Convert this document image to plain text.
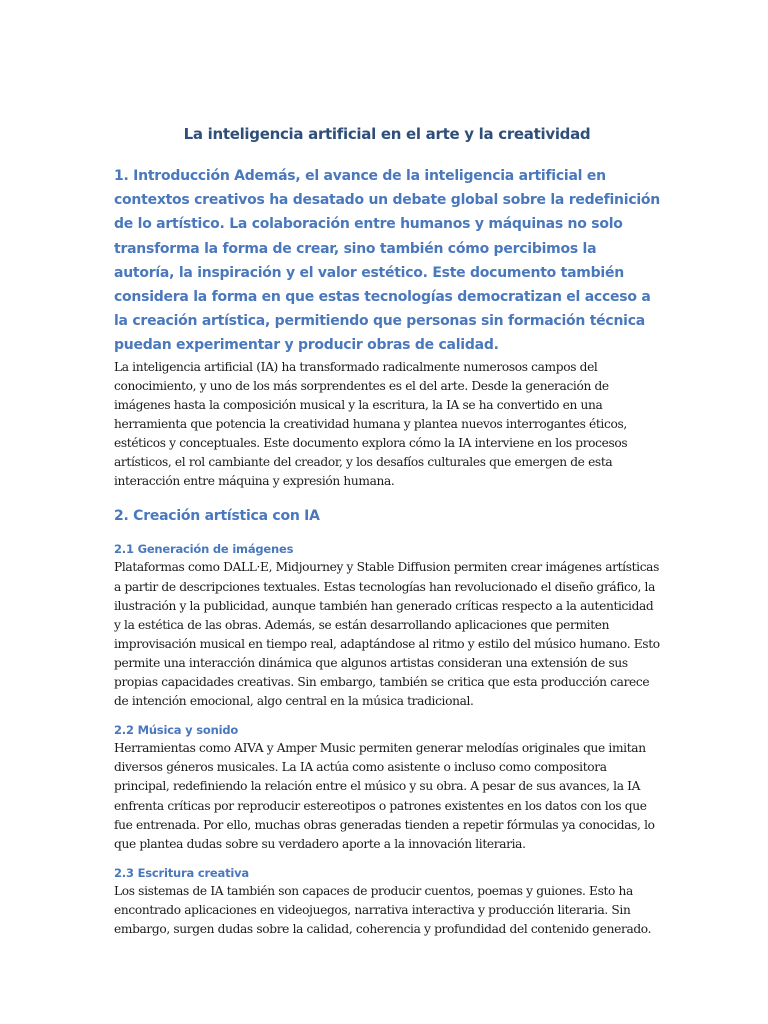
La inteligencia artificial en el arte y la creatividad
1. Introducción Además, el avance de la inteligencia artificial en contextos creativos ha desatado un debate global sobre la redefinición de lo artístico. La colaboración entre humanos y máquinas no solo transforma la forma de crear, sino también cómo percibimos la autoría, la inspiración y el valor estético. Este documento también considera la forma en que estas tecnologías democratizan el acceso a la creación artística, permitiendo que personas sin formación técnica puedan experimentar y producir obras de calidad.

La inteligencia artificial (IA) ha transformado radicalmente numerosos campos del conocimiento, y uno de los más sorprendentes es el del arte. Desde la generación de imágenes hasta la composición musical y la escritura, la IA se ha convertido en una herramienta que potencia la creatividad humana y plantea nuevos interrogantes éticos, estéticos y conceptuales. Este documento explora cómo la IA interviene en los procesos artísticos, el rol cambiante del creador, y los desafíos culturales que emergen de esta interacción entre máquina y expresión humana.

2. Creación artística con IA
2.1 Generación de imágenes

Plataformas como DALL·E, Midjourney y Stable Diffusion permiten crear imágenes artísticas a partir de descripciones textuales. Estas tecnologías han revolucionado el diseño gráfico, la ilustración y la publicidad, aunque también han generado críticas respecto a la autenticidad y la estética de las obras. Además, se están desarrollando aplicaciones que permiten improvisación musical en tiempo real, adaptándose al ritmo y estilo del músico humano. Esto permite una interacción dinámica que algunos artistas consideran una extensión de sus propias capacidades creativas. Sin embargo, también se critica que esta producción carece de intención emocional, algo central en la música tradicional.

2.2 Música y sonido

Herramientas como AIVA y Amper Music permiten generar melodías originales que imitan diversos géneros musicales. La IA actúa como asistente o incluso como compositora principal, redefiniendo la relación entre el músico y su obra. A pesar de sus avances, la IA enfrenta críticas por reproducir estereotipos o patrones existentes en los datos con los que fue entrenada. Por ello, muchas obras generadas tienden a repetir fórmulas ya conocidas, lo que plantea dudas sobre su verdadero aporte a la innovación literaria.

2.3 Escritura creativa

Los sistemas de IA también son capaces de producir cuentos, poemas y guiones. Esto ha encontrado aplicaciones en videojuegos, narrativa interactiva y producción literaria. Sin embargo, surgen dudas sobre la calidad, coherencia y profundidad del contenido generado.
